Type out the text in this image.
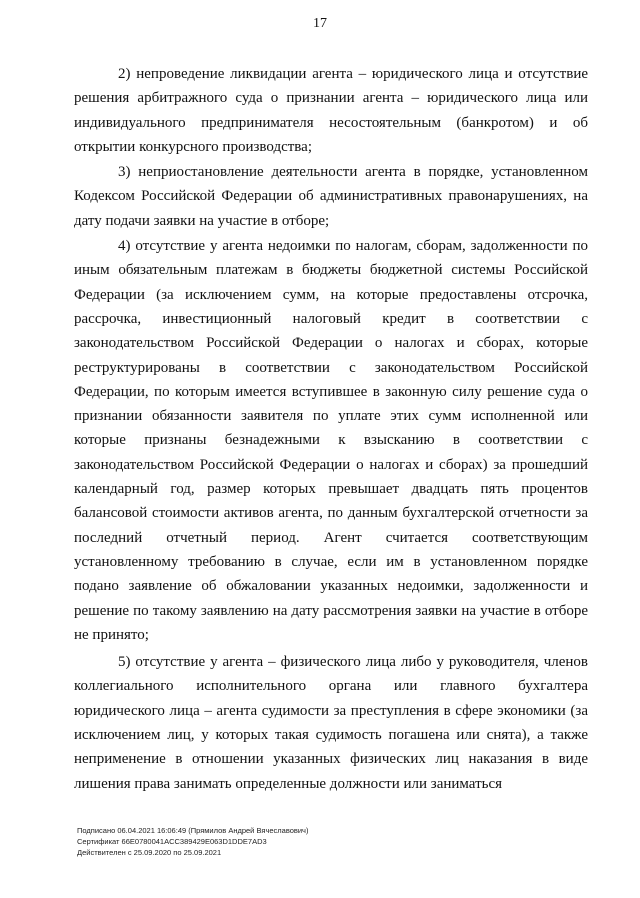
17

2) непроведение ликвидации агента – юридического лица и отсутствие решения арбитражного суда о признании агента – юридического лица или индивидуального предпринимателя несостоятельным (банкротом) и об открытии конкурсного производства;

3) неприостановление деятельности агента в порядке, установленном Кодексом Российской Федерации об административных правонарушениях, на дату подачи заявки на участие в отборе;

4) отсутствие у агента недоимки по налогам, сборам, задолженности по иным обязательным платежам в бюджеты бюджетной системы Российской Федерации (за исключением сумм, на которые предоставлены отсрочка, рассрочка, инвестиционный налоговый кредит в соответствии с законодательством Российской Федерации о налогах и сборах, которые реструктурированы в соответствии с законодательством Российской Федерации, по которым имеется вступившее в законную силу решение суда о признании обязанности заявителя по уплате этих сумм исполненной или которые признаны безнадежными к взысканию в соответствии с законодательством Российской Федерации о налогах и сборах) за прошедший календарный год, размер которых превышает двадцать пять процентов балансовой стоимости активов агента, по данным бухгалтерской отчетности за последний отчетный период. Агент считается соответствующим установленному требованию в случае, если им в установленном порядке подано заявление об обжаловании указанных недоимки, задолженности и решение по такому заявлению на дату рассмотрения заявки на участие в отборе не принято;

5) отсутствие у агента – физического лица либо у руководителя, членов коллегиального исполнительного органа или главного бухгалтера юридического лица – агента судимости за преступления в сфере экономики (за исключением лиц, у которых такая судимость погашена или снята), а также неприменение в отношении указанных физических лиц наказания в виде лишения права занимать определенные должности или заниматься

Подписано 06.04.2021 16:06:49 (Прямилов Андрей Вячеславович)
Сертификат 66E0780041ACC389429E063D1DDE7AD3
Действителен с 25.09.2020 по 25.09.2021
